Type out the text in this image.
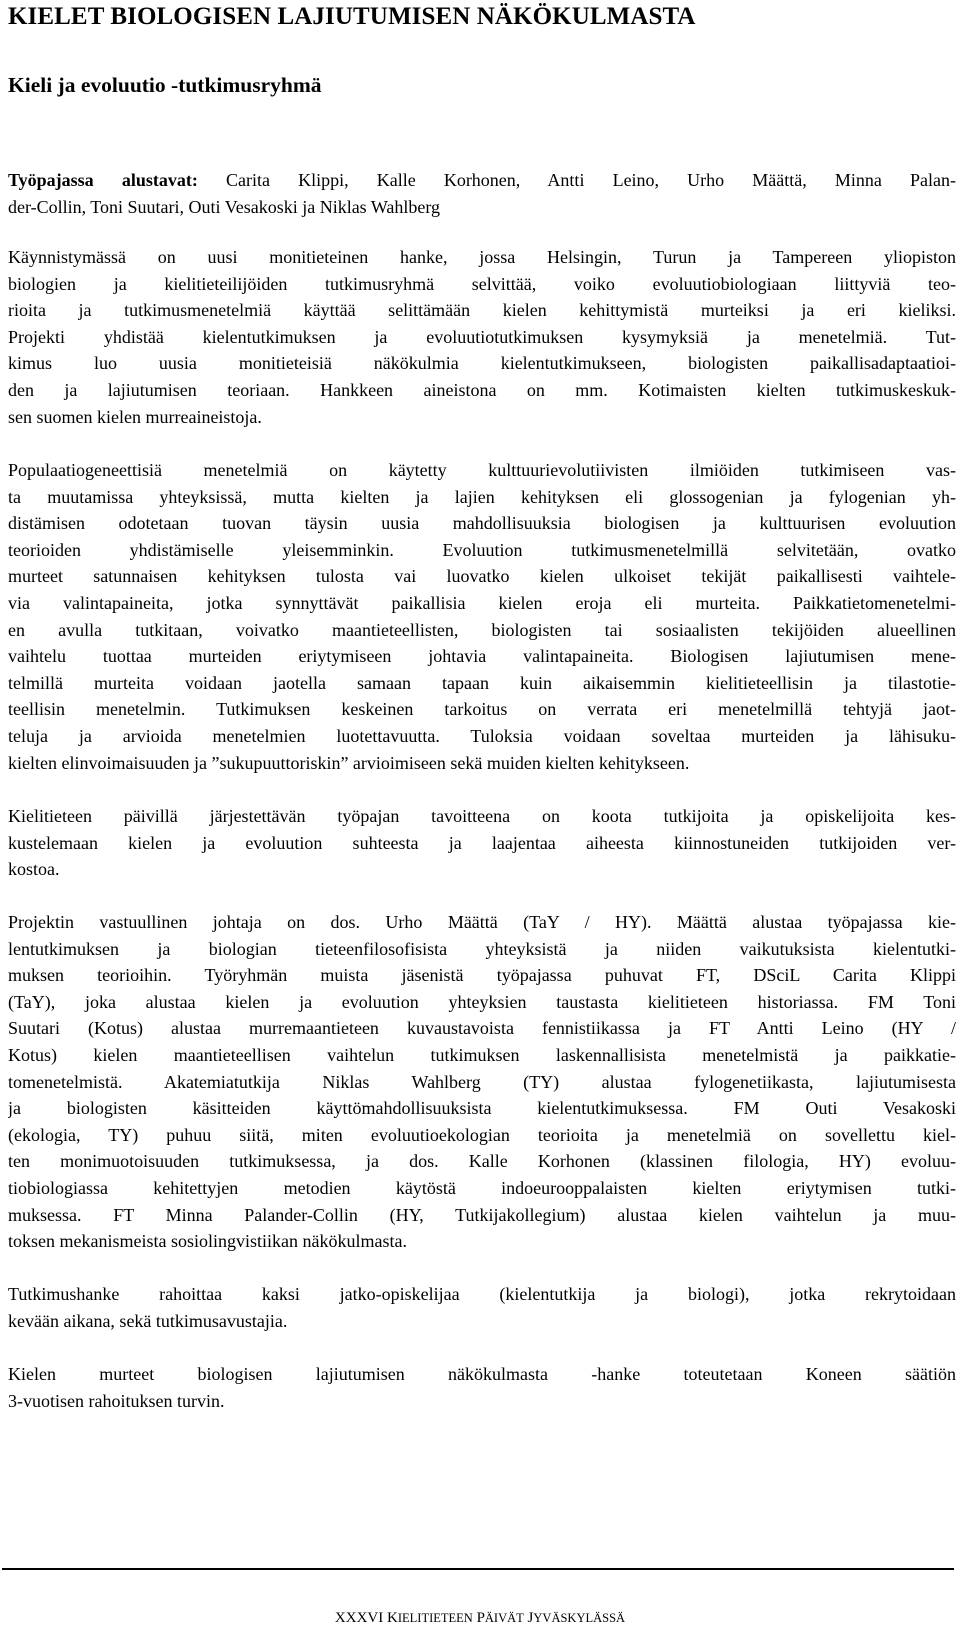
KIELET BIOLOGISEN LAJIUTUMISEN NÄKÖKULMASTA
Kieli ja evoluutio -tutkimusryhmä
Työpajassa alustavat: Carita Klippi, Kalle Korhonen, Antti Leino, Urho Määttä, Minna Palan-
der-Collin, Toni Suutari, Outi Vesakoski ja Niklas Wahlberg
Käynnistymässä on uusi monitieteinen hanke, jossa Helsingin, Turun ja Tampereen yliopiston
biologien ja kielitieteilijöiden tutkimusryhmä selvittää, voiko evoluutiobiologiaan liittyviä teo-
rioita ja tutkimusmenetelmiä käyttää selittämään kielen kehittymistä murteiksi ja eri kieliksi.
Projekti yhdistää kielentutkimuksen ja evoluutiotutkimuksen kysymyksiä ja menetelmiä. Tut-
kimus luo uusia monitieteisiä näkökulmia kielentutkimukseen, biologisten paikallisadaptaatioi-
den ja lajiutumisen teoriaan. Hankkeen aineistona on mm. Kotimaisten kielten tutkimuskeskuk-
sen suomen kielen murreaineistoja.
Populaatiogeneettisiä menetelmiä on käytetty kulttuurievolutiivisten ilmiöiden tutkimiseen vas-
ta muutamissa yhteyksissä, mutta kielten ja lajien kehityksen eli glossogenian ja fylogenian yh-
distämisen odotetaan tuovan täysin uusia mahdollisuuksia biologisen ja kulttuurisen evoluution
teorioiden yhdistämiselle yleisemminkin. Evoluution tutkimusmenetelmillä selvitetään, ovatko
murteet satunnaisen kehityksen tulosta vai luovatko kielen ulkoiset tekijät paikallisesti vaihtele-
via valintapaineita, jotka synnyttävät paikallisia kielen eroja eli murteita. Paikkatietomenetelmi-
en avulla tutkitaan, voivatko maantieteellisten, biologisten tai sosiaalisten tekijöiden alueellinen
vaihtelu tuottaa murteiden eriytymiseen johtavia valintapaineita. Biologisen lajiutumisen mene-
telmillä murteita voidaan jaotella samaan tapaan kuin aikaisemmin kielitieteellisin ja tilastotie-
teellisin menetelmin. Tutkimuksen keskeinen tarkoitus on verrata eri menetelmillä tehtyjä jaot-
teluja ja arvioida menetelmien luotettavuutta. Tuloksia voidaan soveltaa murteiden ja lähisuku-
kielten elinvoimaisuuden ja ”sukupuuttoriskin” arvioimiseen sekä muiden kielten kehitykseen.
Kielitieteen päivillä järjestettävän työpajan tavoitteena on koota tutkijoita ja opiskelijoita kes-
kustelemaan kielen ja evoluution suhteesta ja laajentaa aiheesta kiinnostuneiden tutkijoiden ver-
kostoa.
Projektin vastuullinen johtaja on dos. Urho Määttä (TaY / HY). Määttä alustaa työpajassa kie-
lentutkimuksen ja biologian tieteenfilosofisista yhteyksistä ja niiden vaikutuksista kielentutki-
muksen teorioihin. Työryhmän muista jäsenistä työpajassa puhuvat FT, DSciL Carita Klippi
(TaY), joka alustaa kielen ja evoluution yhteyksien taustasta kielitieteen historiassa. FM Toni
Suutari (Kotus) alustaa murremaantieteen kuvaustavoista fennistiikassa ja FT Antti Leino (HY /
Kotus) kielen maantieteellisen vaihtelun tutkimuksen laskennallisista menetelmistä ja paikkatie-
tomenetelmistä. Akatemiatutkija Niklas Wahlberg (TY) alustaa fylogenetiikasta, lajiutumisesta
ja biologisten käsitteiden käyttömahdollisuuksista kielentutkimuksessa. FM Outi Vesakoski
(ekologia, TY) puhuu siitä, miten evoluutioekologian teorioita ja menetelmiä on sovellettu kiel-
ten monimuotoisuuden tutkimuksessa, ja dos. Kalle Korhonen (klassinen filologia, HY) evoluu-
tiobiologiassa kehitettyjen metodien käytöstä indoeurooppalaisten kielten eriytymisen tutki-
muksessa. FT Minna Palander-Collin (HY, Tutkijakollegium) alustaa kielen vaihtelun ja muu-
toksen mekanismeista sosiolingvistiikan näkökulmasta.
Tutkimushanke rahoittaa kaksi jatko-opiskelijaa (kielentutkija ja biologi), jotka rekrytoidaan
kevään aikana, sekä tutkimusavustajia.
Kielen murteet biologisen lajiutumisen näkökulmasta -hanke toteutetaan Koneen säätiön
3-vuotisen rahoituksen turvin.
XXXVI KIELITIETEEN PÄIVÄT JYVÄSKYLÄSSÄ
